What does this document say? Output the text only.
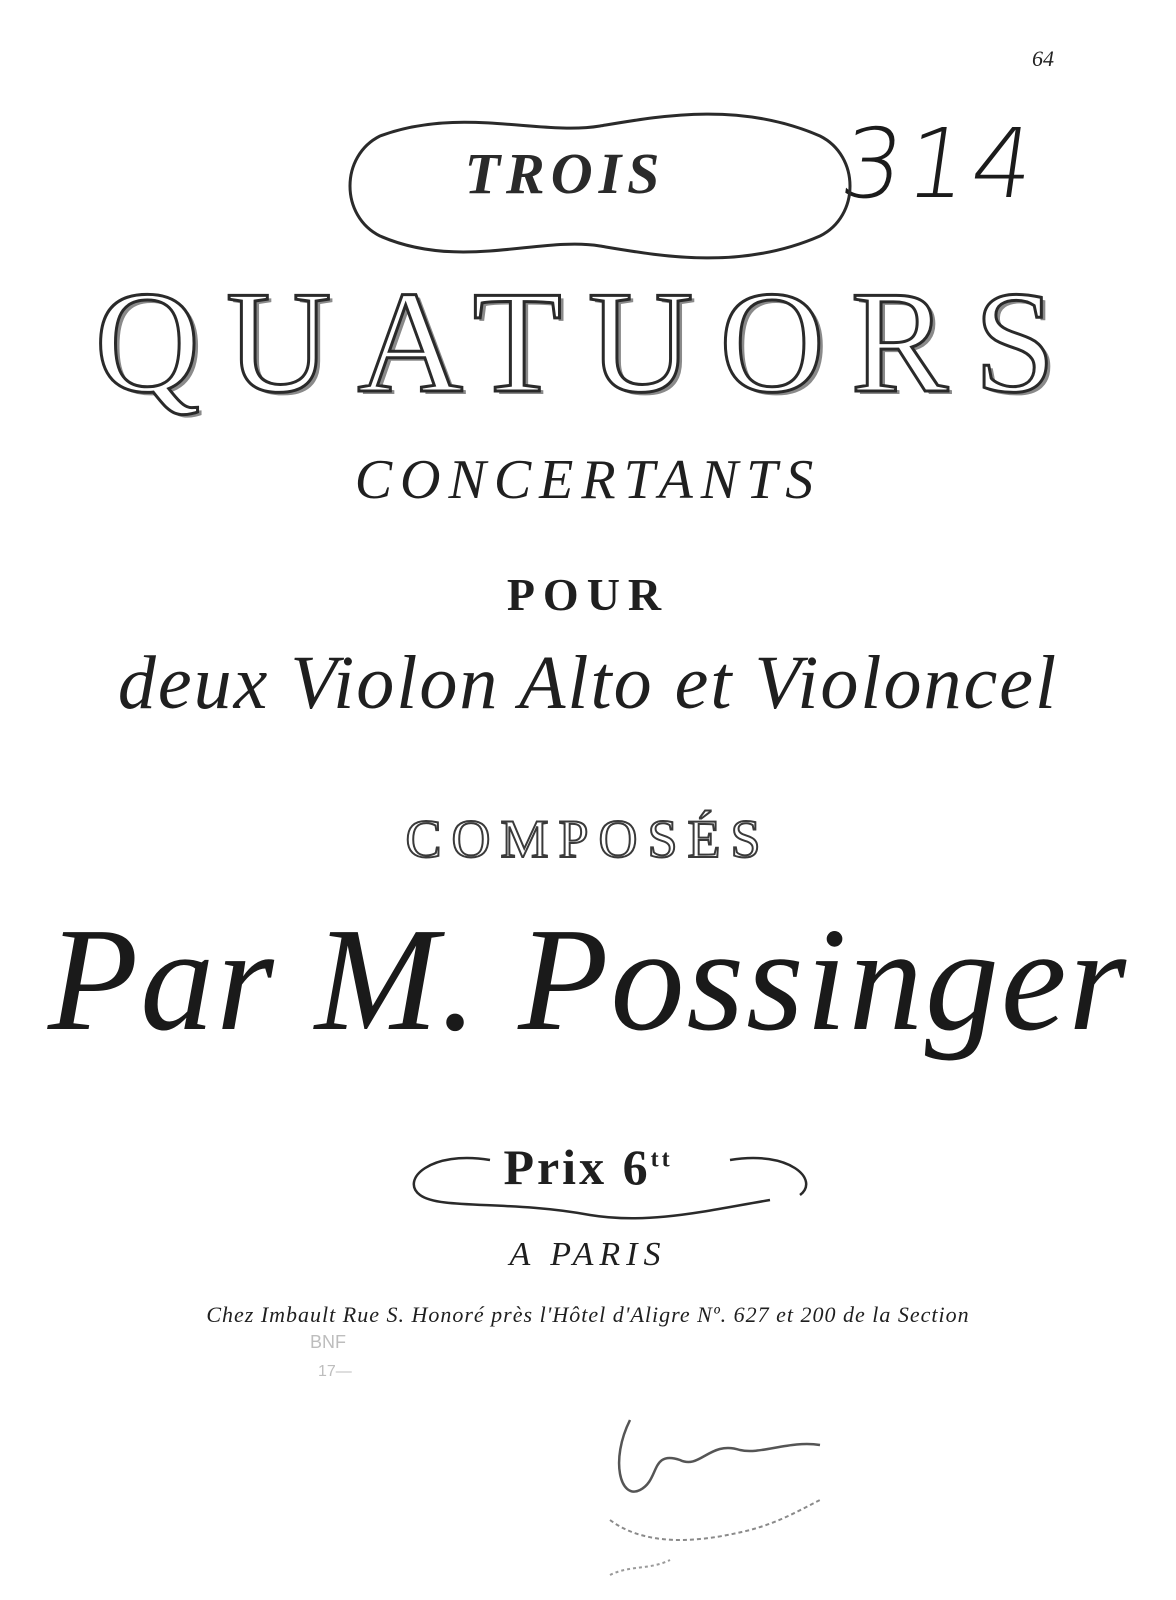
64
314
TROIS
QUATUORS
CONCERTANTS
POUR
deux Violon Alto et Violoncel
COMPOSÉS
Par M. Possinger
Prix $6^{tt}$
A PARIS
Chez Imbault Rue S. Honoré près l'Hôtel d'Aligre Nº. 627 et 200 de la Section
BNF
17—
